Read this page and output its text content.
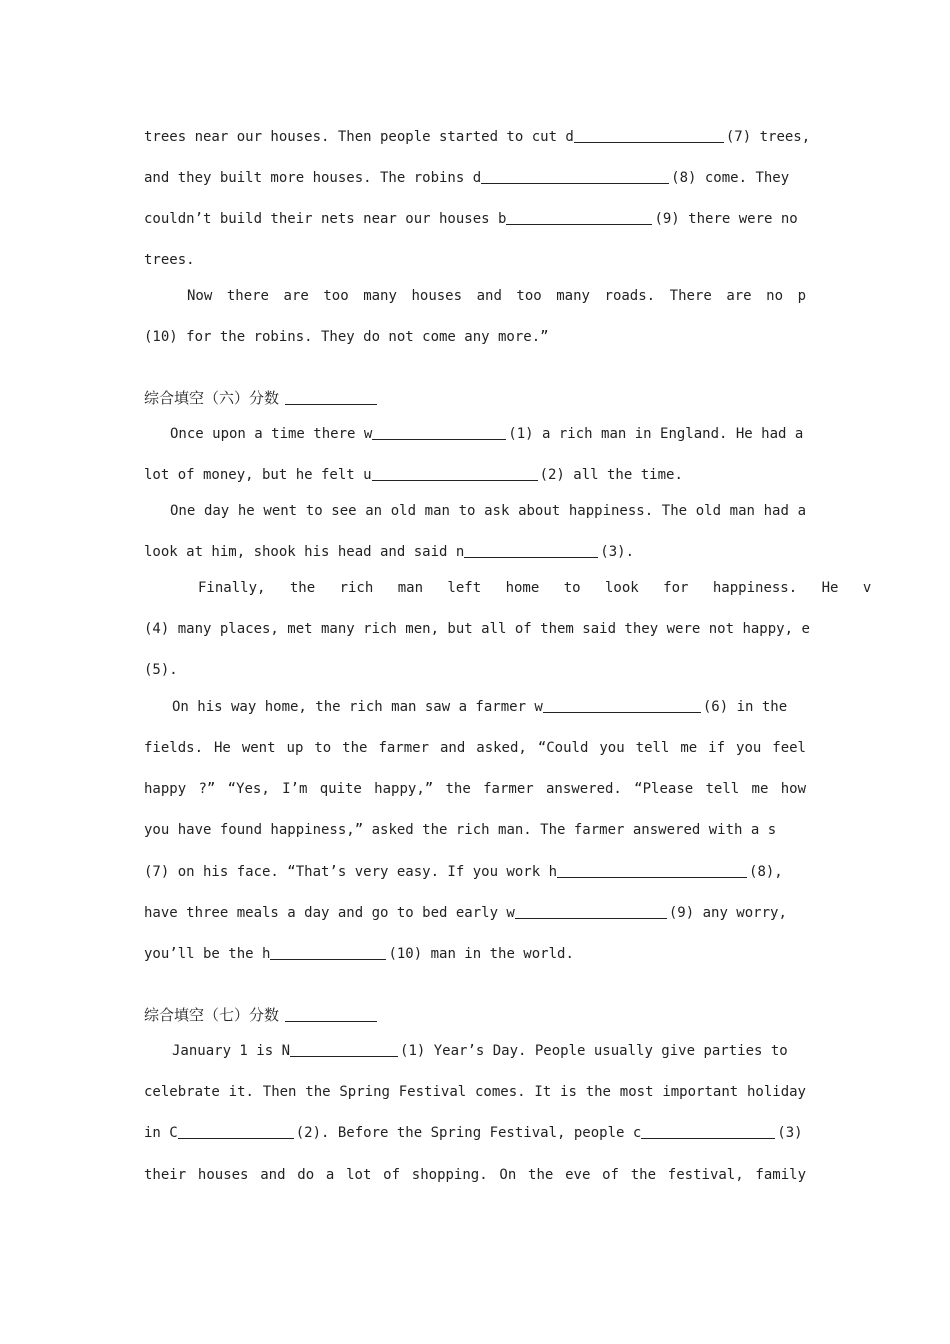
trees near our houses. Then people started to cut d	(7) trees,
and they built more houses. The robins d	(8) come. They
couldn’t build their nets near our houses b	(9) there were no
trees.
Now there are too many houses and too many roads. There are no p
(10) for the robins. They do not come any more.”
综合填空（六）分数
Once upon a time there w	(1) a rich man in England. He had a
lot of money, but he felt u	(2) all the time.
One day he went to see an old man to ask about happiness. The old man had a
look at him, shook his head and said n	(3).
Finally, the rich man left home to look for happiness. He v
(4) many places, met many rich men, but all of them said they were not happy, e
(5).
On his way home, the rich man saw a farmer w	(6) in the
fields. He went up to the farmer and asked, “Could you tell me if you feel
happy ?” “Yes, I’m quite happy,” the farmer answered. “Please tell me how
you have found happiness,” asked the rich man. The farmer answered with a s
(7) on his face. “That’s very easy. If you work h	(8),
have three meals a day and go to bed early w	(9) any worry,
you’ll be the h	(10) man in the world.
综合填空（七）分数
January 1 is N	(1) Year’s Day. People usually give parties to
celebrate it. Then the Spring Festival comes. It is the most important holiday
in C	(2). Before the Spring Festival, people c	(3)
their houses and do a lot of shopping. On the eve of the festival, family
